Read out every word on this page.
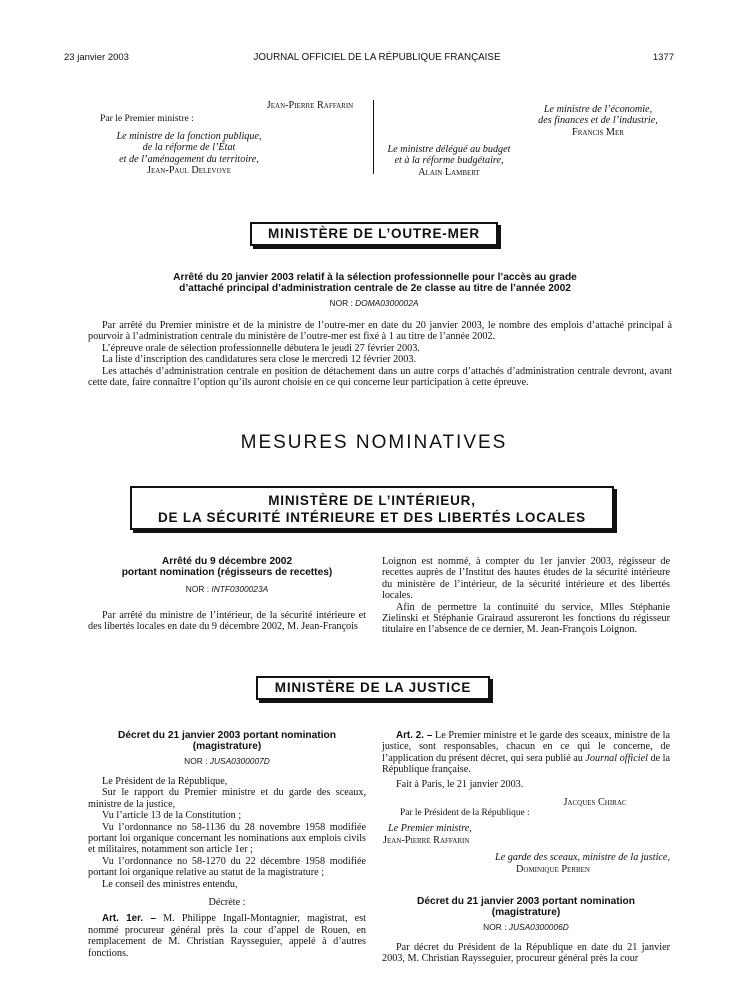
23 janvier 2003	JOURNAL OFFICIEL DE LA RÉPUBLIQUE FRANÇAISE	1377
Jean-Pierre Raffarin
Par le Premier ministre :
Le ministre de la fonction publique,
de la réforme de l’État
et de l’aménagement du territoire,
Jean-Paul Delevoye
Le ministre délégué au budget
et à la réforme budgétaire,
Alain Lambert
Le ministre de l’économie,
des finances et de l’industrie,
Francis Mer
MINISTÈRE DE L’OUTRE-MER
Arrêté du 20 janvier 2003 relatif à la sélection professionnelle pour l’accès au grade
d’attaché principal d’administration centrale de 2e classe au titre de l’année 2002
NOR : DOMA0300002A

Par arrêté du Premier ministre et de la ministre de l’outre-mer en date du 20 janvier 2003, le nombre des emplois d’attaché principal à pourvoir à l’administration centrale du ministère de l’outre-mer est fixé à 1 au titre de l’année 2002.

L’épreuve orale de sélection professionnelle débutera le jeudi 27 février 2003.

La liste d’inscription des candidatures sera close le mercredi 12 février 2003.

Les attachés d’administration centrale en position de détachement dans un autre corps d’attachés d’administration centrale devront, avant cette date, faire connaître l’option qu’ils auront choisie en ce qui concerne leur participation à cette épreuve.

MESURES NOMINATIVES
MINISTÈRE DE L’INTÉRIEUR,
DE LA SÉCURITÉ INTÉRIEURE ET DES LIBERTÉS LOCALES
Arrêté du 9 décembre 2002
portant nomination (régisseurs de recettes)
NOR : INTF0300023A

Par arrêté du ministre de l’intérieur, de la sécurité intérieure et des libertés locales en date du 9 décembre 2002, M. Jean-François

Loignon est nommé, à compter du 1er janvier 2003, régisseur de recettes auprès de l’Institut des hautes études de la sécurité intérieure du ministère de l’intérieur, de la sécurité intérieure et des libertés locales.

Afin de permettre la continuité du service, Mlles Stéphanie Zielinski et Stéphanie Grairaud assureront les fonctions du régisseur titulaire en l’absence de ce dernier, M. Jean-François Loignon.

MINISTÈRE DE LA JUSTICE
Décret du 21 janvier 2003 portant nomination
(magistrature)
NOR : JUSA0300007D

Le Président de la République,

Sur le rapport du Premier ministre et du garde des sceaux, ministre de la justice,

Vu l’article 13 de la Constitution ;

Vu l’ordonnance no 58-1136 du 28 novembre 1958 modifiée portant loi organique concernant les nominations aux emplois civils et militaires, notamment son article 1er ;

Vu l’ordonnance no 58-1270 du 22 décembre 1958 modifiée portant loi organique relative au statut de la magistrature ;

Le conseil des ministres entendu,

Décrète :

Art. 1er. – M. Philippe Ingall-Montagnier, magistrat, est nommé procureur général près la cour d’appel de Rouen, en remplacement de M. Christian Raysseguier, appelé à d’autres fonctions.

Art. 2. – Le Premier ministre et le garde des sceaux, ministre de la justice, sont responsables, chacun en ce qui le concerne, de l’application du présent décret, qui sera publié au Journal officiel de la République française.

Fait à Paris, le 21 janvier 2003.

Jacques Chirac
Par le Président de la République :
Le Premier ministre,
Jean-Pierre Raffarin
Le garde des sceaux, ministre de la justice,
Dominique Perben
Décret du 21 janvier 2003 portant nomination
(magistrature)
NOR : JUSA0300006D

Par décret du Président de la République en date du 21 janvier 2003, M. Christian Raysseguier, procureur général près la cour
